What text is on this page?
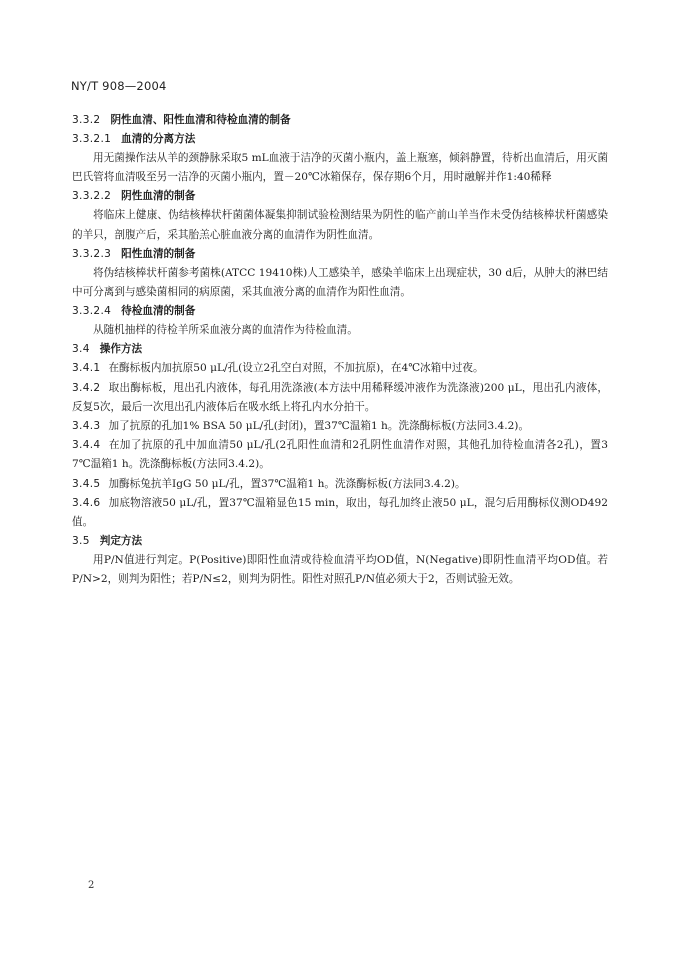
NY/T 908—2004
3.3.2 阴性血清、阳性血清和待检血清的制备
3.3.2.1 血清的分离方法
用无菌操作法从羊的颈静脉采取5 mL血液于洁净的灭菌小瓶内，盖上瓶塞，倾斜静置，待析出血清后，用灭菌巴氏管将血清吸至另一洁净的灭菌小瓶内，置－20℃冰箱保存，保存期6个月，用时融解并作1:40稀释
3.3.2.2 阴性血清的制备
将临床上健康、伪结核棒状杆菌菌体凝集抑制试验检测结果为阴性的临产前山羊当作未受伪结核棒状杆菌感染的羊只，剖腹产后，采其胎羔心脏血液分离的血清作为阴性血清。
3.3.2.3 阳性血清的制备
将伪结核棒状杆菌参考菌株(ATCC 19410株)人工感染羊，感染羊临床上出现症状，30 d后，从肿大的淋巴结中可分离到与感染菌相同的病原菌，采其血液分离的血清作为阳性血清。
3.3.2.4 待检血清的制备
从随机抽样的待检羊所采血液分离的血清作为待检血清。
3.4 操作方法
3.4.1 在酶标板内加抗原50 μL/孔(设立2孔空白对照，不加抗原)，在4℃冰箱中过夜。
3.4.2 取出酶标板，甩出孔内液体，每孔用洗涤液(本方法中用稀释缓冲液作为洗涤液)200 μL，甩出孔内液体，反复5次，最后一次甩出孔内液体后在吸水纸上将孔内水分拍干。
3.4.3 加了抗原的孔加1% BSA 50 μL/孔(封闭)，置37℃温箱1 h。洗涤酶标板(方法同3.4.2)。
3.4.4 在加了抗原的孔中加血清50 μL/孔(2孔阳性血清和2孔阴性血清作对照，其他孔加待检血清各2孔)，置37℃温箱1 h。洗涤酶标板(方法同3.4.2)。
3.4.5 加酶标兔抗羊IgG 50 μL/孔，置37℃温箱1 h。洗涤酶标板(方法同3.4.2)。
3.4.6 加底物溶液50 μL/孔，置37℃温箱显色15 min，取出，每孔加终止液50 μL，混匀后用酶标仪测OD492值。
3.5 判定方法
用P/N值进行判定。P(Positive)即阳性血清或待检血清平均OD值，N(Negative)即阴性血清平均OD值。若P/N>2，则判为阳性；若P/N≤2，则判为阴性。阳性对照孔P/N值必须大于2，否则试验无效。
2
